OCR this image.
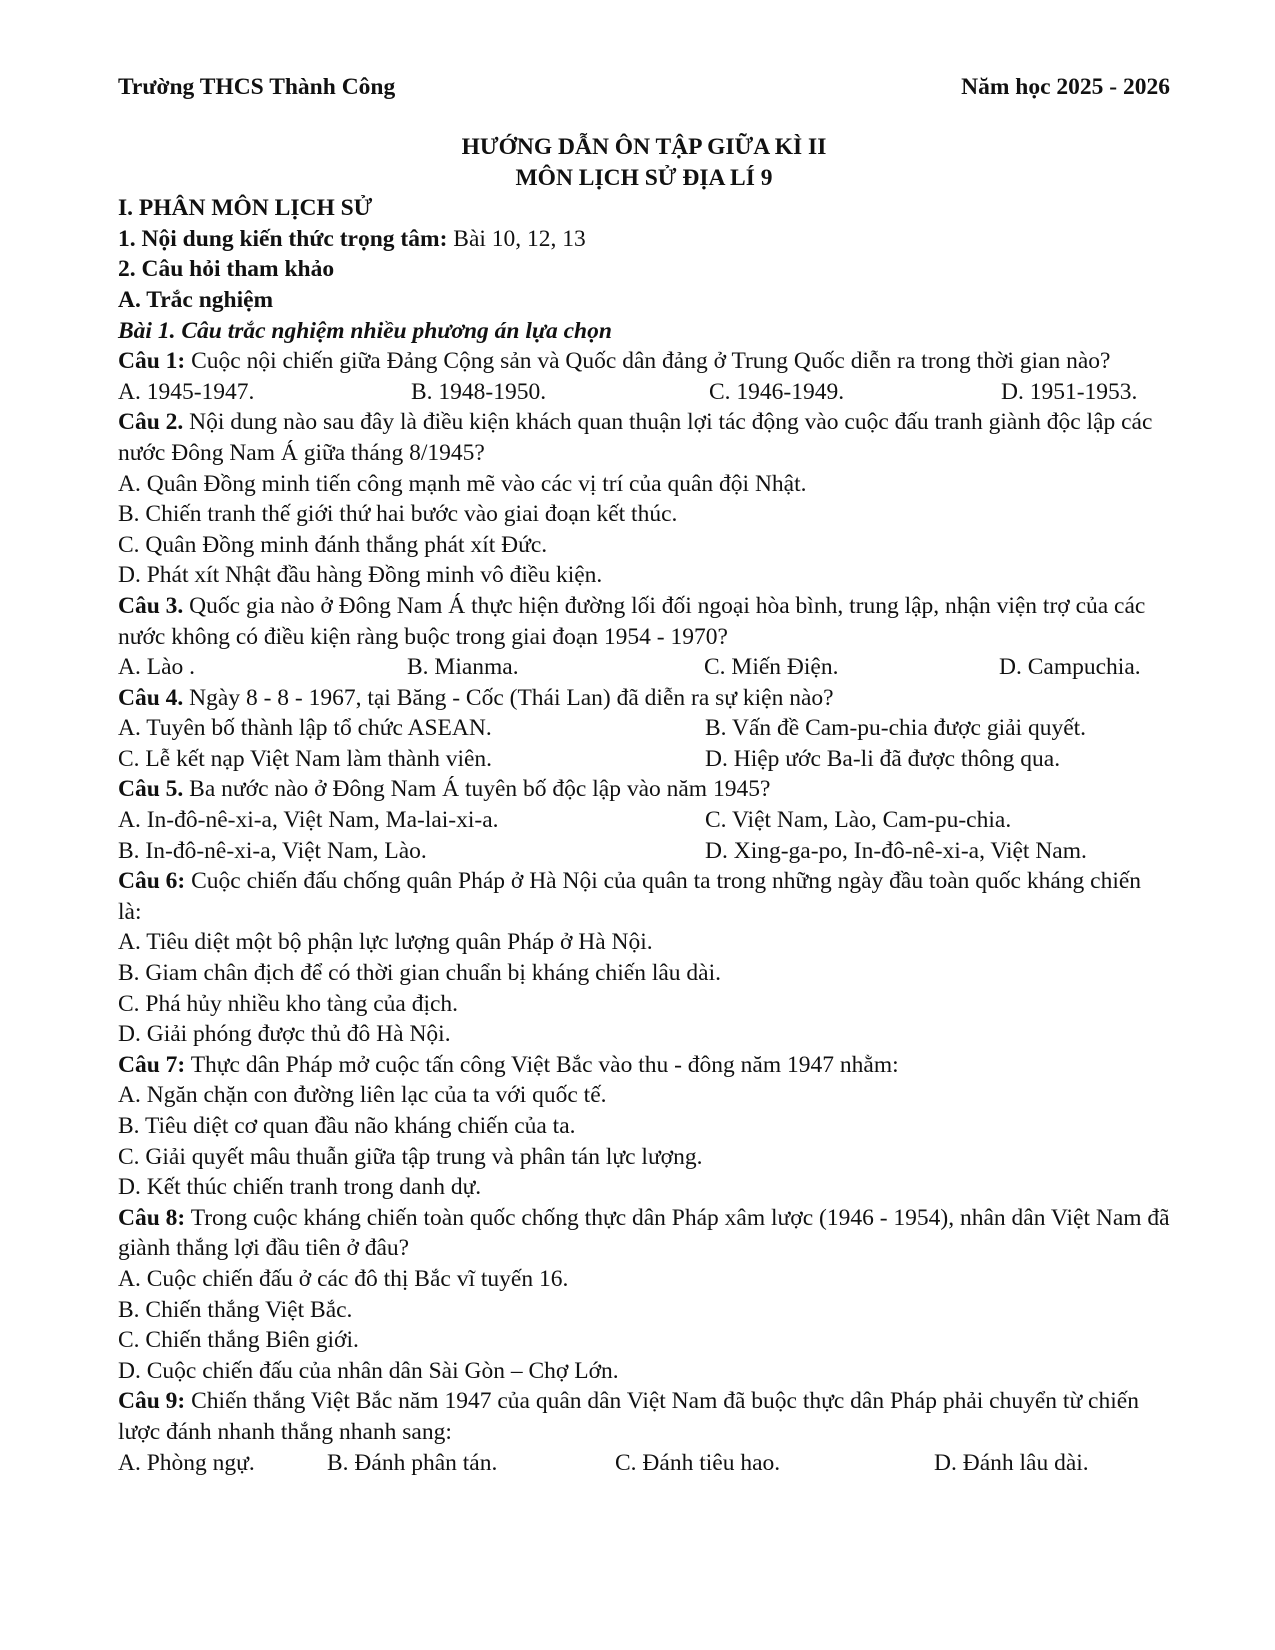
Trường THCS Thành Công	Năm học 2025 - 2026
HƯỚNG DẪN ÔN TẬP GIỮA KÌ II
MÔN LỊCH SỬ ĐỊA LÍ 9
I. PHÂN MÔN LỊCH SỬ
1. Nội dung kiến thức trọng tâm: Bài 10, 12, 13
2. Câu hỏi tham khảo
A. Trắc nghiệm
Bài 1. Câu trắc nghiệm nhiều phương án lựa chọn
Câu 1: Cuộc nội chiến giữa Đảng Cộng sản và Quốc dân đảng ở Trung Quốc diễn ra trong thời gian nào?
A. 1945-1947.	B. 1948-1950.	C. 1946-1949.	D. 1951-1953.
Câu 2. Nội dung nào sau đây là điều kiện khách quan thuận lợi tác động vào cuộc đấu tranh giành độc lập các nước Đông Nam Á giữa tháng 8/1945?
A. Quân Đồng minh tiến công mạnh mẽ vào các vị trí của quân đội Nhật.
B. Chiến tranh thế giới thứ hai bước vào giai đoạn kết thúc.
C. Quân Đồng minh đánh thắng phát xít Đức.
D. Phát xít Nhật đầu hàng Đồng minh vô điều kiện.
Câu 3. Quốc gia nào ở Đông Nam Á thực hiện đường lối đối ngoại hòa bình, trung lập, nhận viện trợ của các nước không có điều kiện ràng buộc trong giai đoạn 1954 - 1970?
A. Lào .	B. Mianma.	C. Miến Điện.	D. Campuchia.
Câu 4. Ngày 8 - 8 - 1967, tại Băng - Cốc (Thái Lan) đã diễn ra sự kiện nào?
A. Tuyên bố thành lập tổ chức ASEAN.	B. Vấn đề Cam-pu-chia được giải quyết.
C. Lễ kết nạp Việt Nam làm thành viên.	D. Hiệp ước Ba-li đã được thông qua.
Câu 5. Ba nước nào ở Đông Nam Á tuyên bố độc lập vào năm 1945?
A. In-đô-nê-xi-a, Việt Nam, Ma-lai-xi-a.	C. Việt Nam, Lào, Cam-pu-chia.
B. In-đô-nê-xi-a, Việt Nam, Lào.	D. Xing-ga-po, In-đô-nê-xi-a, Việt Nam.
Câu 6: Cuộc chiến đấu chống quân Pháp ở Hà Nội của quân ta trong những ngày đầu toàn quốc kháng chiến là:
A. Tiêu diệt một bộ phận lực lượng quân Pháp ở Hà Nội.
B. Giam chân địch để có thời gian chuẩn bị kháng chiến lâu dài.
C. Phá hủy nhiều kho tàng của địch.
D. Giải phóng được thủ đô Hà Nội.
Câu 7: Thực dân Pháp mở cuộc tấn công Việt Bắc vào thu - đông năm 1947 nhằm:
A. Ngăn chặn con đường liên lạc của ta với quốc tế.
B. Tiêu diệt cơ quan đầu não kháng chiến của ta.
C. Giải quyết mâu thuẫn giữa tập trung và phân tán lực lượng.
D. Kết thúc chiến tranh trong danh dự.
Câu 8: Trong cuộc kháng chiến toàn quốc chống thực dân Pháp xâm lược (1946 - 1954), nhân dân Việt Nam đã giành thắng lợi đầu tiên ở đâu?
A. Cuộc chiến đấu ở các đô thị Bắc vĩ tuyến 16.
B. Chiến thắng Việt Bắc.
C. Chiến thắng Biên giới.
D. Cuộc chiến đấu của nhân dân Sài Gòn – Chợ Lớn.
Câu 9: Chiến thắng Việt Bắc năm 1947 của quân dân Việt Nam đã buộc thực dân Pháp phải chuyển từ chiến lược đánh nhanh thắng nhanh sang:
A. Phòng ngự.	B. Đánh phân tán.	C. Đánh tiêu hao.	D. Đánh lâu dài.
